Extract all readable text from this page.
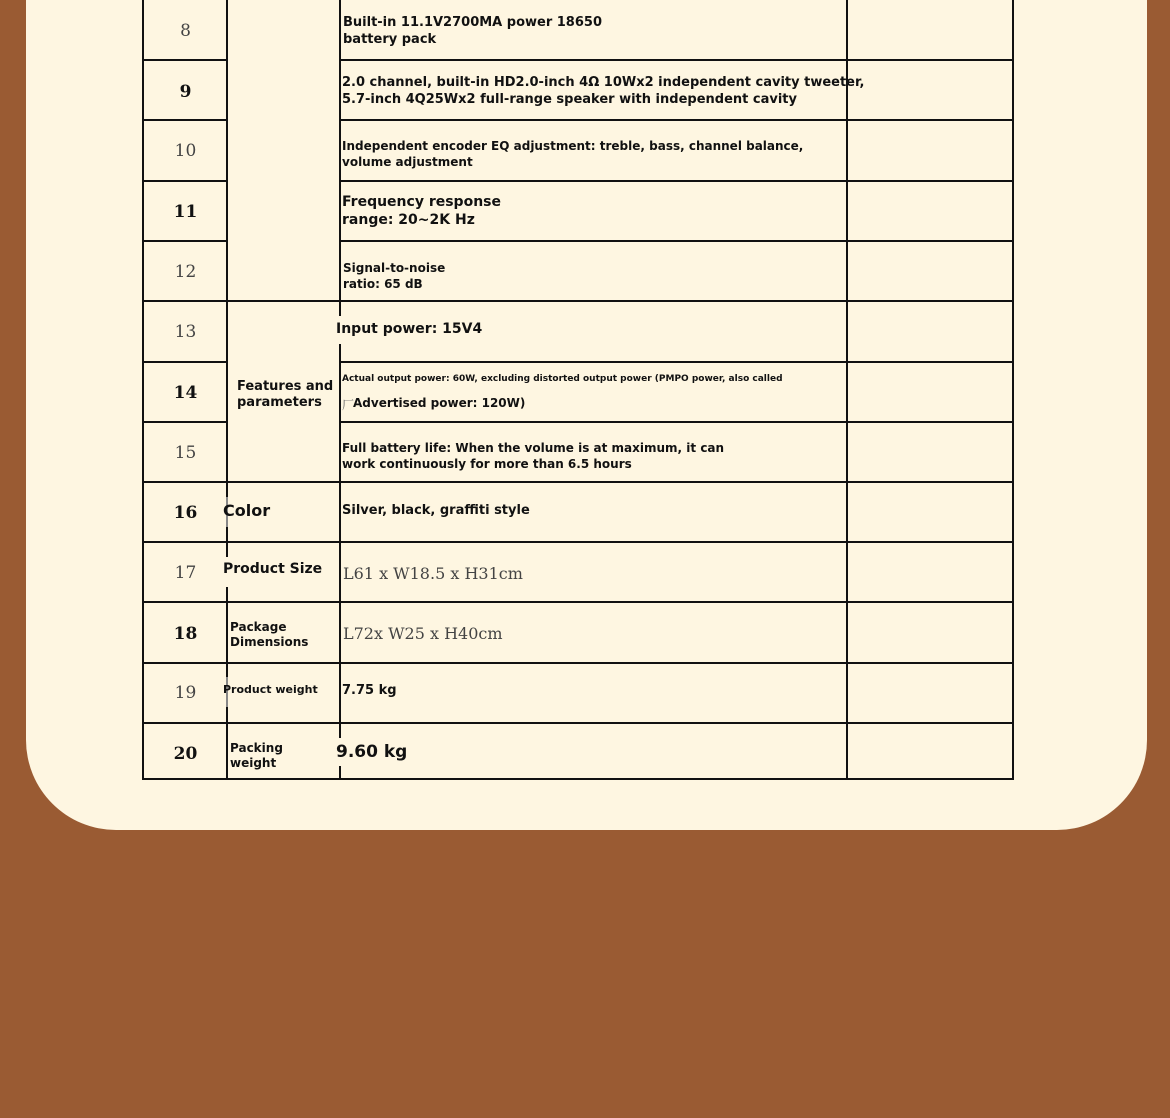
8
9
10
11
12
13
14
15
16
17
18
19
20
Features and
parameters
Color
Product Size
Package
Dimensions
Product weight
Packing
weight
Built-in 11.1V2700MA power 18650
battery pack
2.0 channel, built-in HD2.0-inch 4Ω 10Wx2 independent cavity tweeter,
5.7-inch 4Q25Wx2 full-range speaker with independent cavity
Independent encoder EQ adjustment: treble, bass, channel balance,
volume adjustment
Frequency response
range: 20~2K Hz
Signal-to-noise
ratio: 65 dB
Input power: 15V4
Actual output power: 60W, excluding distorted output power (PMPO power, also called
厂
Advertised power: 120W)
Full battery life: When the volume is at maximum, it can
work continuously for more than 6.5 hours
Silver, black, graffiti style
L61 x W18.5 x H31cm
L72x W25 x H40cm
7.75 kg
9.60 kg
